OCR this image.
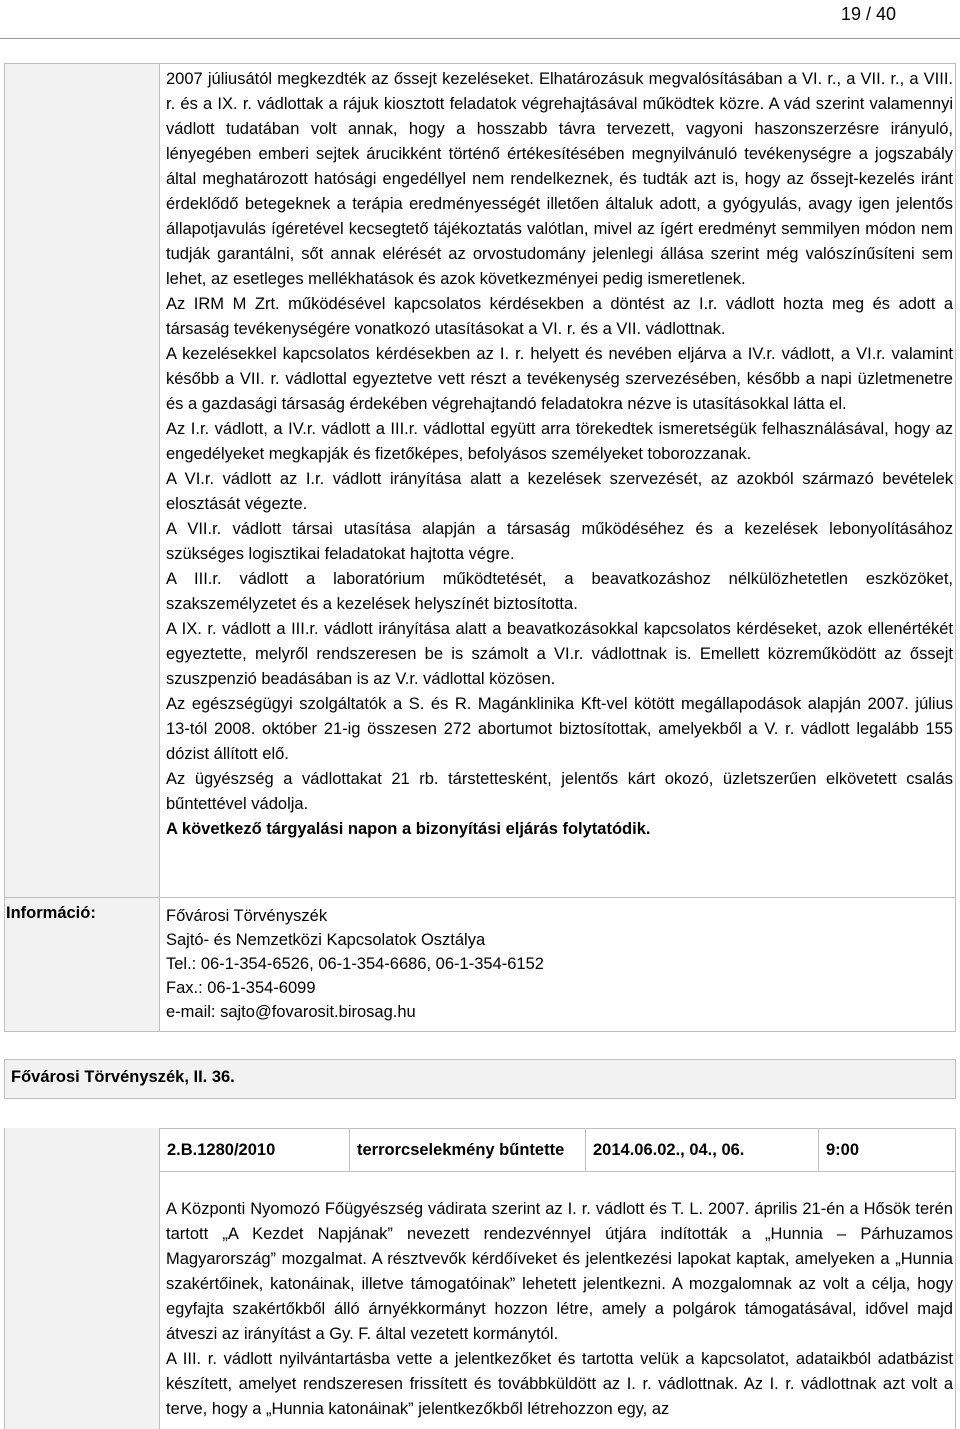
19 / 40

2007 júliusától megkezdték az őssejt kezeléseket. Elhatározásuk megvalósításában a VI. r., a VII. r., a VIII. r. és a IX. r. vádlottak a rájuk kiosztott feladatok végrehajtásával működtek közre. A vád szerint valamennyi vádlott tudatában volt annak, hogy a hosszabb távra tervezett, vagyoni haszonszerzésre irányuló, lényegében emberi sejtek árucikként történő értékesítésében megnyilvánuló tevékenységre a jogszabály által meghatározott hatósági engedéllyel nem rendelkeznek, és tudták azt is, hogy az őssejt-kezelés iránt érdeklődő betegeknek a terápia eredményességét illetően általuk adott, a gyógyulás, avagy igen jelentős állapotjavulás ígéretével kecsegtető tájékoztatás valótlan, mivel az ígért eredményt semmilyen módon nem tudják garantálni, sőt annak elérését az orvostudomány jelenlegi állása szerint még valószínűsíteni sem lehet, az esetleges mellékhatások és azok következményei pedig ismeretlenek.

Az IRM M Zrt. működésével kapcsolatos kérdésekben a döntést az I.r. vádlott hozta meg és adott a társaság tevékenységére vonatkozó utasításokat a VI. r. és a VII. vádlottnak.

A kezelésekkel kapcsolatos kérdésekben az I. r. helyett és nevében eljárva a IV.r. vádlott, a VI.r. valamint később a VII. r. vádlottal egyeztetve vett részt a tevékenység szervezésében, később a napi üzletmenetre és a gazdasági társaság érdekében végrehajtandó feladatokra nézve is utasításokkal látta el.

Az I.r. vádlott, a IV.r. vádlott a III.r. vádlottal együtt arra törekedtek ismeretségük felhasználásával, hogy az engedélyeket megkapják és fizetőképes, befolyásos személyeket toborozzanak.

A VI.r. vádlott az I.r. vádlott irányítása alatt a kezelések szervezését, az azokból származó bevételek elosztását végezte.

A VII.r. vádlott társai utasítása alapján a társaság működéséhez és a kezelések lebonyolításához szükséges logisztikai feladatokat hajtotta végre.

A III.r. vádlott a laboratórium működtetését, a beavatkozáshoz nélkülözhetetlen eszközöket, szakszemélyzetet és a kezelések helyszínét biztosította.

A IX. r. vádlott a III.r. vádlott irányítása alatt a beavatkozásokkal kapcsolatos kérdéseket, azok ellenértékét egyeztette, melyről rendszeresen be is számolt a VI.r. vádlottnak is. Emellett közreműködött az őssejt szuszpenzió beadásában is az V.r. vádlottal közösen.

Az egészségügyi szolgáltatók a S. és R. Magánklinika Kft-vel kötött megállapodások alapján 2007. július 13-tól 2008. október 21-ig összesen 272 abortumot biztosítottak, amelyekből a V. r. vádlott legalább 155 dózist állított elő.

Az ügyészség a vádlottakat 21 rb. társtettesként, jelentős kárt okozó, üzletszerűen elkövetett csalás bűntettével vádolja.

A következő tárgyalási napon a bizonyítási eljárás folytatódik.

Információ:	Fővárosi Törvényszék
Sajtó- és Nemzetközi Kapcsolatok Osztálya
Tel.: 06-1-354-6526, 06-1-354-6686, 06-1-354-6152
Fax.: 06-1-354-6099
e-mail: sajto@fovarosit.birosag.hu
Fővárosi Törvényszék, II. 36.
2.B.1280/2010	terrorcselekmény bűntette	2014.06.02., 04., 06.	9:00

A Központi Nyomozó Főügyészség vádirata szerint az I. r. vádlott és T. L. 2007. április 21-én a Hősök terén tartott „A Kezdet Napjának” nevezett rendezvénnyel útjára indították a „Hunnia – Párhuzamos Magyarország” mozgalmat. A résztvevők kérdőíveket és jelentkezési lapokat kaptak, amelyeken a „Hunnia szakértőinek, katonáinak, illetve támogatóinak” lehetett jelentkezni. A mozgalomnak az volt a célja, hogy egyfajta szakértőkből álló árnyékkormányt hozzon létre, amely a polgárok támogatásával, idővel majd átveszi az irányítást a Gy. F. által vezetett kormánytól.

A III. r. vádlott nyilvántartásba vette a jelentkezőket és tartotta velük a kapcsolatot, adataikból adatbázist készített, amelyet rendszeresen frissített és továbbküldött az I. r. vádlottnak. Az I. r. vádlottnak azt volt a terve, hogy a „Hunnia katonáinak” jelentkezőkből létrehozzon egy, az
